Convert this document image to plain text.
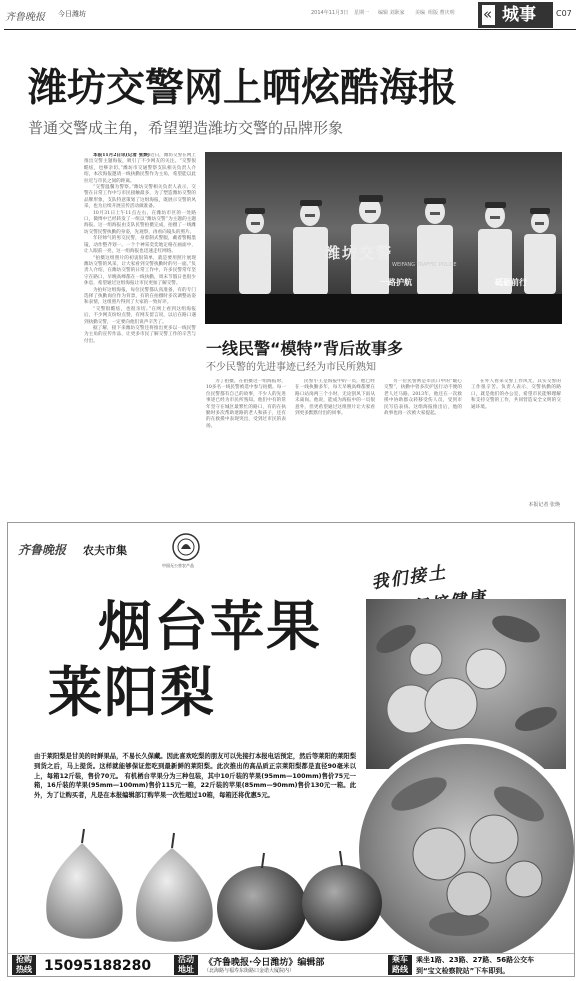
齐鲁晚报 今日潍坊	2014年11月3日 星期一 编辑 刘耿家 美编 组版 曹庆明 « 城事	C07
潍坊交警网上晒炫酷海报
普通交警成主角，希望塑造潍坊交警的品牌形象

本报11月2日讯(记者 张焕)近日，潍坊交警在网上推出交警主题海报，吸引了不少网友的关注。“交警很酷炫，也够亲切。”潍坊市交通警察支队相关负责人介绍，本次海报邀请一线执勤民警作为主角，希望能以此拉近与市民之间的距离。

“交警温馨为警察。”潍坊交警相关负责人表示，交警在日常工作中与市民接触最多，为了塑造潍坊交警的品牌形象，支队特意策划了这组海报，既展示交警的风采，也为后续开展宣传活动做准备。

10月31日上午11点左右，在潍坊市区的一处路口，微博中已经转发了一组以“潍坊交警”为主题的主题海报。这一组海报由支队民警拍摄完成，拍摄了一线潍坊交警民警执勤的身姿，先观察，再看向镜头的照片。

年轻帅气的男交民警，身着制式警服，戴着警帽墨镜，动作整齐划一。一个个神采奕奕地定格在画面中，让人眼前一亮，这一组海报也迅速走红网络。

“拍摄这组照片的初衷很简单，就是要用照片展现潍坊交警的风采，让大家看到交警执勤时的另一面。”负责人介绍，在潍坊交警的日常工作中，许多民警常年坚守在路口，早晚高峰都在一线执勤，周末节假日也很少休息，希望通过这组海报让市民更加了解交警。

为拍好这组海报，每位民警都认真准备，有的专门选择了执勤岗位作为背景，有的在拍摄时多次调整站姿和表情，这组照片得到了大家的一致好评。

“交警很酷炫，也很亲切。”在网上看到这组海报后，不少网友纷纷点赞，有网友留言说，以后在路口遇到执勤交警，一定要向他们说声辛苦了。

据了解，接下来潍坊交警还将推出更多以一线民警为主角的宣传作品，让更多市民了解交警工作的辛苦与付出。

潍坊交警
WEIFANG TRAFFIC POLICE
一路护航	砥砺前行
一线民警“模特”背后故事多
不少民警的先进事迹已经为市民所熟知
为了拍摄，在拍摄这一组海报时，10多名一线民警被选中参与拍摄。每一位民警都有自己的故事，不少人的先进事迹已经为市民所熟知。他们中有的常年坚守在城区最繁忙的路口，有的在执勤时多次帮助迷路的老人和孩子，还有的在救援中表现突出，受到过市民的表扬。
民警小王是海报中的一员，他已经在一线执勤多年，每天早晚高峰都要在路口站岗两三个小时，无论刮风下雨从未离岗。他说，能成为海报中的一员很意外，但更希望通过这组照片让大家看到更多默默付出的同事。
另一位民警则是市民口中的“暖心交警”，执勤中曾多次护送行动不便的老人过马路。2013年，他还在一次救援中协助群众转移受伤人员，受到市民写信表扬。这组海报推出后，他的故事也再一次被大家提起。
在外人看来交警工作风光，其实交警的工作很辛苦。负责人表示，交警执勤的路口，就是他们的办公室，希望市民能够理解和支持交警的工作，共同营造安全文明的交通环境。
本报记者 张焕
齐鲁晚报 农夫市集
中国无公害农产品	我们接土
烟台苹果
莱阳梨
由于莱阳梨是甘美的时鲜果品，不易长久保藏。因此喜欢吃梨的朋友可以先接打本报电话预定，然后等莱阳的莱阳梨到货之后，马上提货。这样就能够保证您吃到最新鲜的莱阳梨。此次推出的高品质正宗莱阳梨都是直径90毫米以上，每箱12斤装，售价70元。 有机栖台苹果分为三种包装，其中10斤装的苹果(95mm—100mm)售价75元一箱，16斤装的苹果(95mm—100mm)售价115元一箱，22斤装的苹果(85mm—90mm)售价130元一箱。此外，为了让购买者，凡是在本报编辑部订购苹果一次性超过10箱，每箱还将优惠5元。
抢购
热线 15095188280	活动
地址
《齐鲁晚报·今日潍坊》编辑部
（北海路与福寿东街路口金诺大厦院内）
乘车
路线
乘坐1路、23路、27路、56路公交车
到“宝文检察院站”下车即到。
